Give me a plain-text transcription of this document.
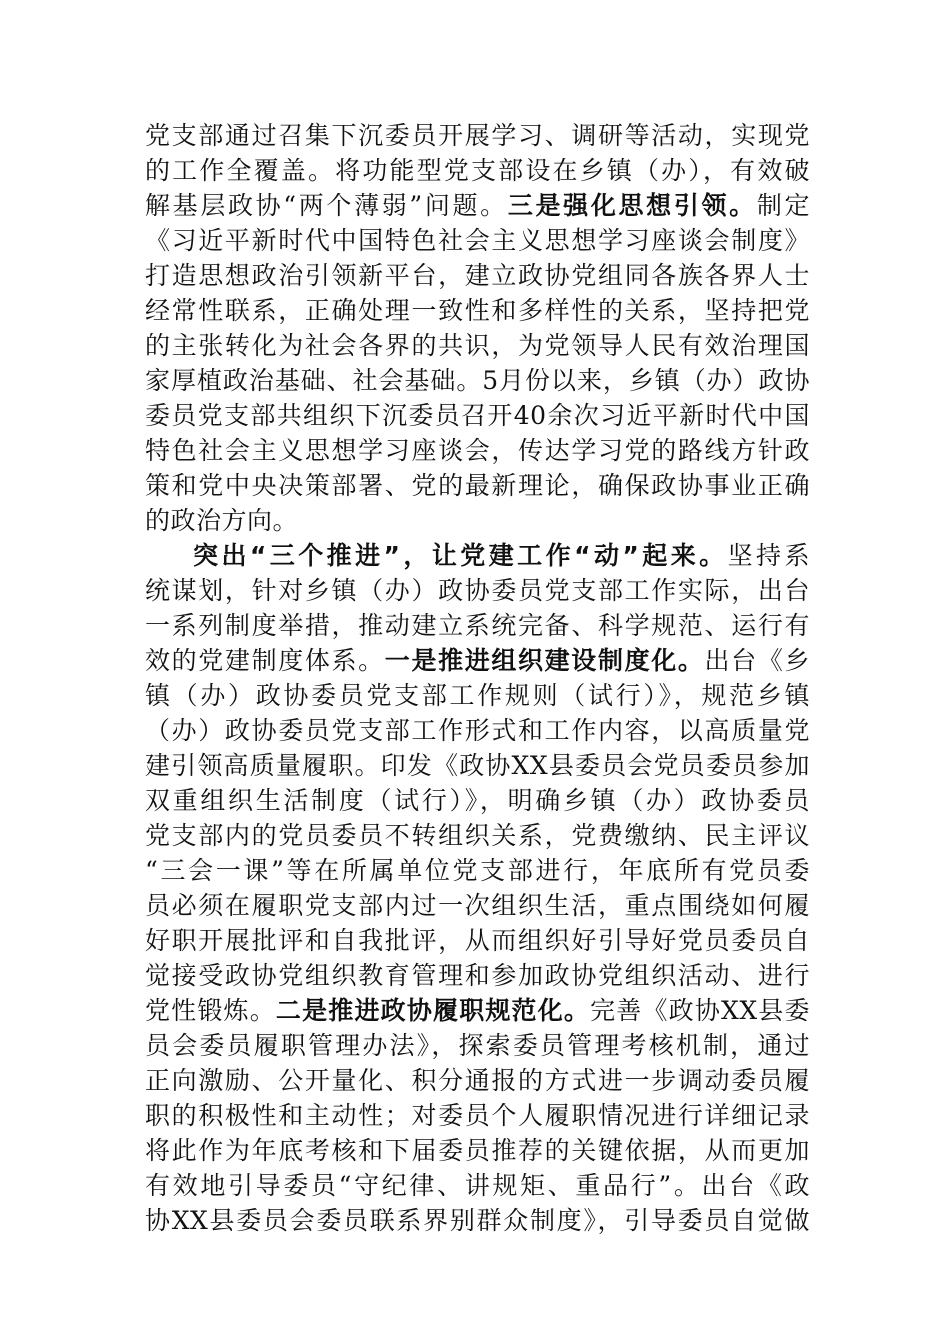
党支部通过召集下沉委员开展学习、调研等活动，实现党
的工作全覆盖。将功能型党支部设在乡镇（办），有效破
解基层政协“两个薄弱”问题。三是强化思想引领。制定
《习近平新时代中国特色社会主义思想学习座谈会制度》
打造思想政治引领新平台，建立政协党组同各族各界人士
经常性联系，正确处理一致性和多样性的关系，坚持把党
的主张转化为社会各界的共识，为党领导人民有效治理国
家厚植政治基础、社会基础。5月份以来，乡镇（办）政协
委员党支部共组织下沉委员召开40余次习近平新时代中国
特色社会主义思想学习座谈会，传达学习党的路线方针政
策和党中央决策部署、党的最新理论，确保政协事业正确
的政治方向。
突出“三个推进”，让党建工作“动”起来。坚持系
统谋划，针对乡镇（办）政协委员党支部工作实际，出台
一系列制度举措，推动建立系统完备、科学规范、运行有
效的党建制度体系。一是推进组织建设制度化。出台《乡
镇（办）政协委员党支部工作规则（试行）》，规范乡镇
（办）政协委员党支部工作形式和工作内容，以高质量党
建引领高质量履职。印发《政协XX县委员会党员委员参加
双重组织生活制度（试行）》，明确乡镇（办）政协委员
党支部内的党员委员不转组织关系，党费缴纳、民主评议
“三会一课”等在所属单位党支部进行，年底所有党员委
员必须在履职党支部内过一次组织生活，重点围绕如何履
好职开展批评和自我批评，从而组织好引导好党员委员自
觉接受政协党组织教育管理和参加政协党组织活动、进行
党性锻炼。二是推进政协履职规范化。完善《政协XX县委
员会委员履职管理办法》，探索委员管理考核机制，通过
正向激励、公开量化、积分通报的方式进一步调动委员履
职的积极性和主动性；对委员个人履职情况进行详细记录
将此作为年底考核和下届委员推荐的关键依据，从而更加
有效地引导委员“守纪律、讲规矩、重品行”。出台《政
协XX县委员会委员联系界别群众制度》，引导委员自觉做
